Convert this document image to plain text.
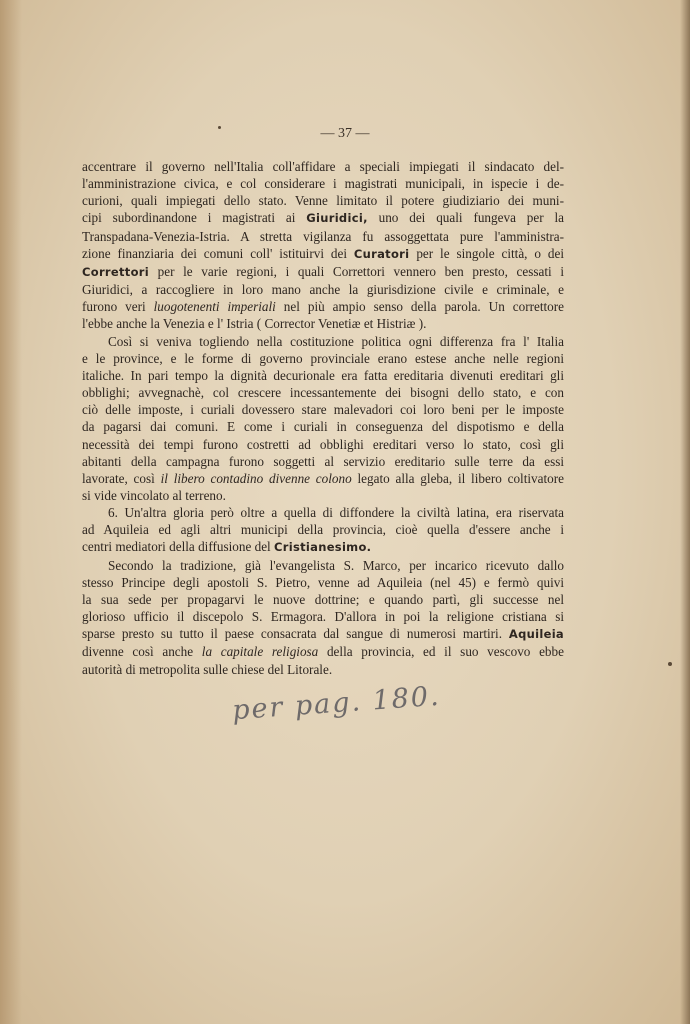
— 37 —

accentrare il governo nell'Italia coll'affidare a speciali impiegati il sindacato del-
l'amministrazione civica, e col considerare i magistrati municipali, in ispecie i de-
curioni, quali impiegati dello stato. Venne limitato il potere giudiziario dei muni-
cipi subordinandone i magistrati ai Giuridici, uno dei quali fungeva per la
Transpadana-Venezia-Istria. A stretta vigilanza fu assoggettata pure l'amministra-
zione finanziaria dei comuni coll' istituirvi dei Curatori per le singole città, o dei
Correttori per le varie regioni, i quali Correttori vennero ben presto, cessati i
Giuridici, a raccogliere in loro mano anche la giurisdizione civile e criminale, e
furono veri luogotenenti imperiali nel più ampio senso della parola. Un correttore
l'ebbe anche la Venezia e l' Istria ( Corrector Venetiæ et Histriæ ).

Così si veniva togliendo nella costituzione politica ogni differenza fra l' Italia
e le province, e le forme di governo provinciale erano estese anche nelle regioni
italiche. In pari tempo la dignità decurionale era fatta ereditaria divenuti ereditari gli
obblighi; avvegnachè, col crescere incessantemente dei bisogni dello stato, e con
ciò delle imposte, i curiali dovessero stare malevadori coi loro beni per le imposte
da pagarsi dai comuni. E come i curiali in conseguenza del dispotismo e della
necessità dei tempi furono costretti ad obblighi ereditari verso lo stato, così gli
abitanti della campagna furono soggetti al servizio ereditario sulle terre da essi
lavorate, così il libero contadino divenne colono legato alla gleba, il libero coltivatore
si vide vincolato al terreno.

6. Un'altra gloria però oltre a quella di diffondere la civiltà latina, era riservata
ad Aquileia ed agli altri municipi della provincia, cioè quella d'essere anche i
centri mediatori della diffusione del Cristianesimo.

Secondo la tradizione, già l'evangelista S. Marco, per incarico ricevuto dallo
stesso Principe degli apostoli S. Pietro, venne ad Aquileia (nel 45) e fermò quivi
la sua sede per propagarvi le nuove dottrine; e quando partì, gli successe nel
glorioso ufficio il discepolo S. Ermagora. D'allora in poi la religione cristiana si
sparse presto su tutto il paese consacrata dal sangue di numerosi martiri. Aquileia
divenne così anche la capitale religiosa della provincia, ed il suo vescovo ebbe
autorità di metropolita sulle chiese del Litorale.

per pag. 180.
